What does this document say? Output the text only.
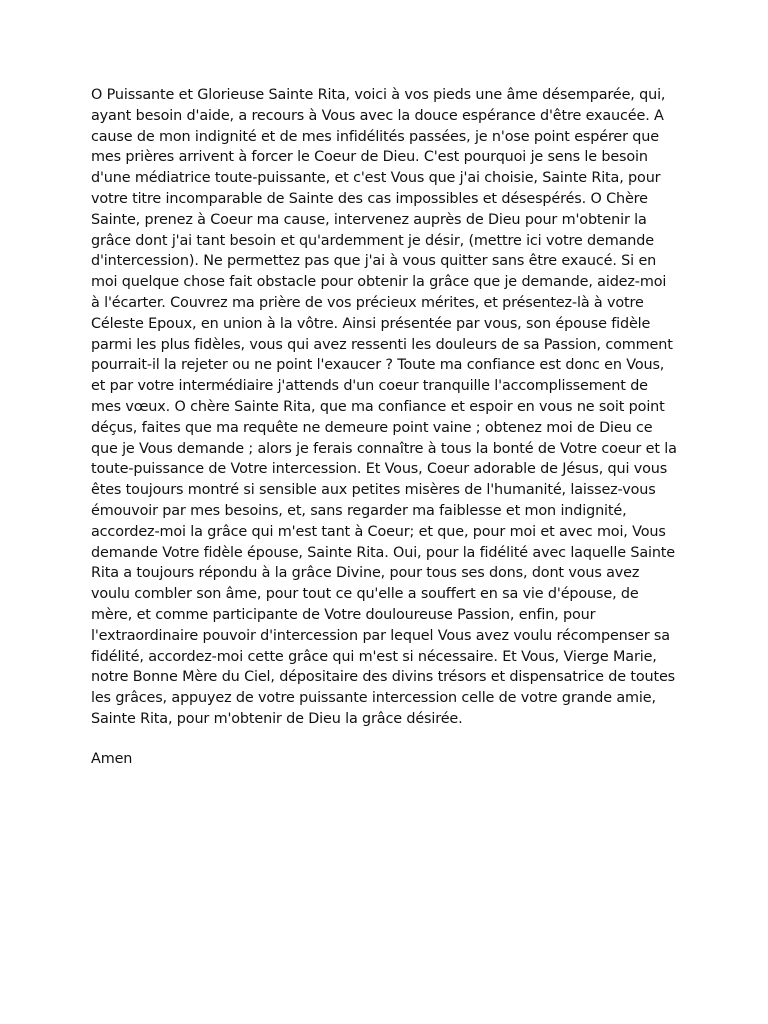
O Puissante et Glorieuse Sainte Rita, voici à vos pieds une âme désemparée, qui, ayant besoin d'aide, a recours à Vous avec la douce espérance d'être exaucée. A cause de mon indignité et de mes infidélités passées, je n'ose point espérer que mes prières arrivent à forcer le Coeur de Dieu. C'est pourquoi je sens le besoin d'une médiatrice toute-puissante, et c'est Vous que j'ai choisie, Sainte Rita, pour votre titre incomparable de Sainte des cas impossibles et désespérés. O Chère Sainte, prenez à Coeur ma cause, intervenez auprès de Dieu pour m'obtenir la grâce dont j'ai tant besoin et qu'ardemment je désir, (mettre ici votre demande d'intercession). Ne permettez pas que j'ai à vous quitter sans être exaucé. Si en moi quelque chose fait obstacle pour obtenir la grâce que je demande, aidez-moi à l'écarter. Couvrez ma prière de vos précieux mérites, et présentez-là à votre Céleste Epoux, en union à la vôtre. Ainsi présentée par vous, son épouse fidèle parmi les plus fidèles, vous qui avez ressenti les douleurs de sa Passion, comment pourrait-il la rejeter ou ne point l'exaucer ? Toute ma confiance est donc en Vous, et par votre intermédiaire j'attends d'un coeur tranquille l'accomplissement de mes vœux. O chère Sainte Rita, que ma confiance et espoir en vous ne soit point déçus, faites que ma requête ne demeure point vaine ; obtenez moi de Dieu ce que je Vous demande ; alors je ferais connaître à tous la bonté de Votre coeur et la toute-puissance de Votre intercession. Et Vous, Coeur adorable de Jésus, qui vous êtes toujours montré si sensible aux petites misères de l'humanité, laissez-vous émouvoir par mes besoins, et, sans regarder ma faiblesse et mon indignité, accordez-moi la grâce qui m'est tant à Coeur; et que, pour moi et avec moi, Vous demande Votre fidèle épouse, Sainte Rita. Oui, pour la fidélité avec laquelle Sainte Rita a toujours répondu à la grâce Divine, pour tous ses dons, dont vous avez voulu combler son âme, pour tout ce qu'elle a souffert en sa vie d'épouse, de mère, et comme participante de Votre douloureuse Passion, enfin, pour l'extraordinaire pouvoir d'intercession par lequel Vous avez voulu récompenser sa fidélité, accordez-moi cette grâce qui m'est si nécessaire. Et Vous, Vierge Marie, notre Bonne Mère du Ciel, dépositaire des divins trésors et dispensatrice de toutes les grâces, appuyez de votre puissante intercession celle de votre grande amie, Sainte Rita, pour m'obtenir de Dieu la grâce désirée.

Amen
